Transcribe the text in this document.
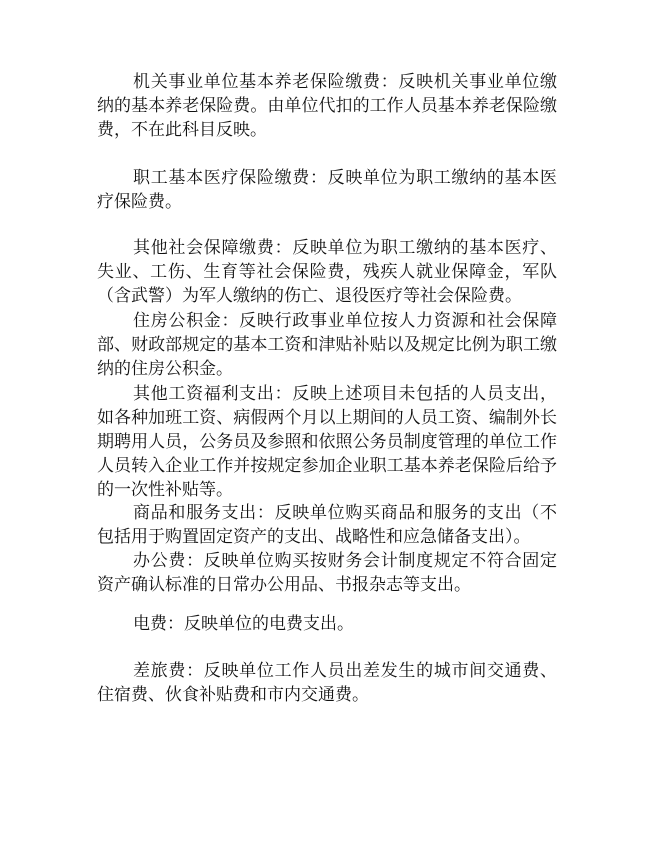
机关事业单位基本养老保险缴费：反映机关事业单位缴纳的基本养老保险费。由单位代扣的工作人员基本养老保险缴费，不在此科目反映。

职工基本医疗保险缴费：反映单位为职工缴纳的基本医疗保险费。

其他社会保障缴费：反映单位为职工缴纳的基本医疗、失业、工伤、生育等社会保险费，残疾人就业保障金，军队（含武警）为军人缴纳的伤亡、退役医疗等社会保险费。

住房公积金：反映行政事业单位按人力资源和社会保障部、财政部规定的基本工资和津贴补贴以及规定比例为职工缴纳的住房公积金。

其他工资福利支出：反映上述项目未包括的人员支出，如各种加班工资、病假两个月以上期间的人员工资、编制外长期聘用人员，公务员及参照和依照公务员制度管理的单位工作人员转入企业工作并按规定参加企业职工基本养老保险后给予的一次性补贴等。

商品和服务支出：反映单位购买商品和服务的支出（不包括用于购置固定资产的支出、战略性和应急储备支出）。

办公费：反映单位购买按财务会计制度规定不符合固定资产确认标准的日常办公用品、书报杂志等支出。

电费：反映单位的电费支出。

差旅费：反映单位工作人员出差发生的城市间交通费、住宿费、伙食补贴费和市内交通费。
